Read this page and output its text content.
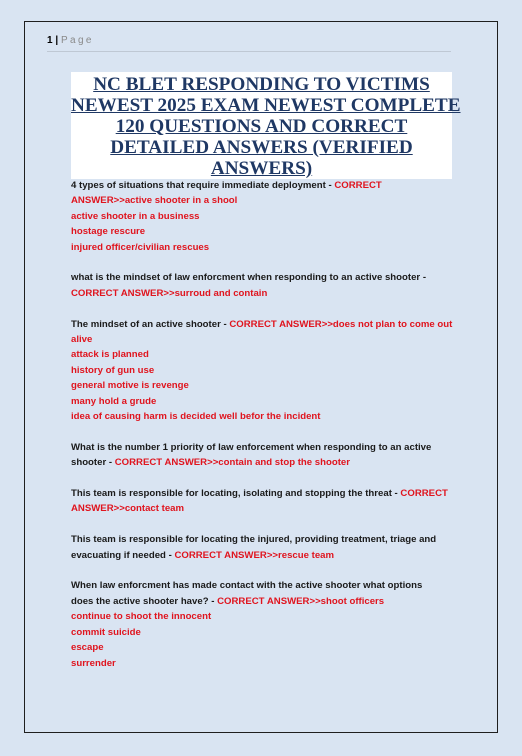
1 | Page
NC BLET RESPONDING TO VICTIMS
NEWEST 2025 EXAM NEWEST COMPLETE
120 QUESTIONS AND CORRECT
DETAILED ANSWERS (VERIFIED
ANSWERS)
4 types of situations that require immediate deployment - CORRECT
ANSWER>>active shooter in a shool
active shooter in a business
hostage rescure
injured officer/civilian rescues
what is the mindset of law enforcment when responding to an active shooter -
CORRECT ANSWER>>surroud and contain
The mindset of an active shooter - CORRECT ANSWER>>does not plan to come out
alive
attack is planned
history of gun use
general motive is revenge
many hold a grude
idea of causing harm is decided well befor the incident
What is the number 1 priority of law enforcement when responding to an active
shooter - CORRECT ANSWER>>contain and stop the shooter
This team is responsible for locating, isolating and stopping the threat - CORRECT
ANSWER>>contact team
This team is responsible for locating the injured, providing treatment, triage and
evacuating if needed - CORRECT ANSWER>>rescue team
When law enforcment has made contact with the active shooter what options
does the active shooter have? - CORRECT ANSWER>>shoot officers
continue to shoot the innocent
commit suicide
escape
surrender
